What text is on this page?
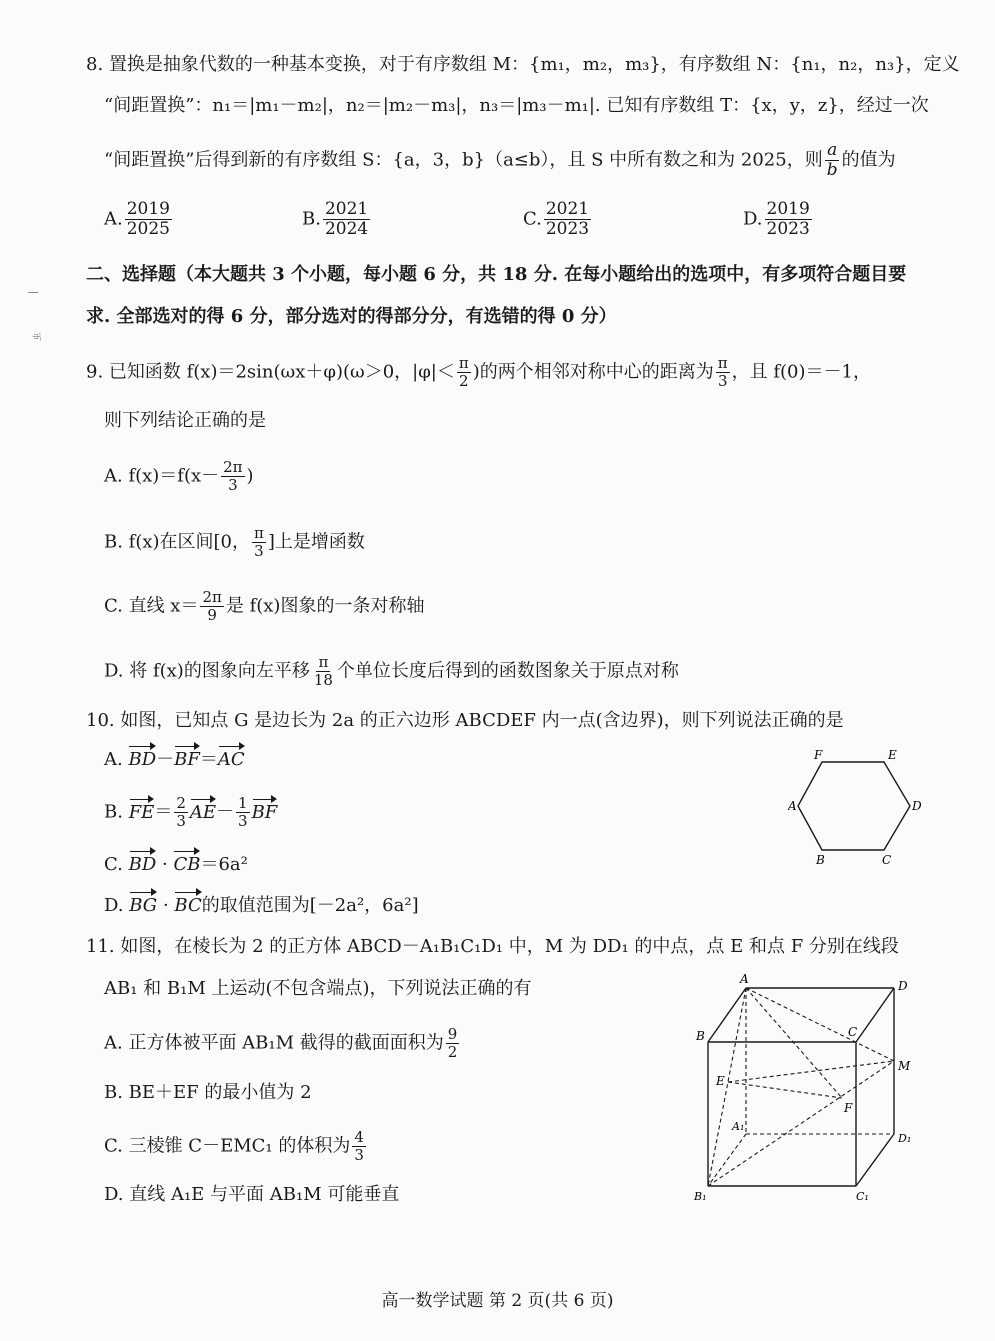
ㄓ
8. 置换是抽象代数的一种基本变换，对于有序数组 M：{m₁，m₂，m₃}，有序数组 N：{n₁，n₂，n₃}，定义
“间距置换”：n₁＝|m₁－m₂|，n₂＝|m₂－m₃|，n₃＝|m₃－m₁|. 已知有序数组 T：{x，y，z}，经过一次
“间距置换”后得到新的有序数组 S：{a，3，b}（a≤b），且 S 中所有数之和为 2025，则 $\frac{a}{b}$ 的值为
A. $\frac{2019}{2025}$	B. $\frac{2021}{2024}$	C. $\frac{2021}{2023}$	D. $\frac{2019}{2023}$
二、选择题（本大题共 3 个小题，每小题 6 分，共 18 分. 在每小题给出的选项中，有多项符合题目要
求. 全部选对的得 6 分，部分选对的得部分分，有选错的得 0 分）
9. 已知函数 f(x)＝2sin(ωx＋φ)(ω＞0，$|\varphi|< \frac{\pi}{2}$ )的两个相邻对称中心的距离为 $\frac{\pi}{3}$ ，且 f(0)＝－1，
则下列结论正确的是
A. $f(x)=f(x- \frac{2\pi}{3}$ )
B. f(x)在区间[0， $\frac{\pi}{3}$ ]上是增函数
C. 直线 $x= \frac{2\pi}{9}$ 是 f(x)图象的一条对称轴
D. 将 f(x)的图象向左平移 $\frac{\pi}{18}$ 个单位长度后得到的函数图象关于原点对称
10. 如图，已知点 G 是边长为 2a 的正六边形 ABCDEF 内一点(含边界)，则下列说法正确的是
A. BD－BF＝AC
B. $FE= \frac{2}{3} AE- \frac{1}{3}$ BF
C. BD · CB＝6a²
D. BG · BC的取值范围为[－2a²，6a²]
F	E
A	D
B	C
11. 如图，在棱长为 2 的正方体 ABCD－A₁B₁C₁D₁ 中，M 为 DD₁ 的中点，点 E 和点 F 分别在线段
AB₁ 和 B₁M 上运动(不包含端点)，下列说法正确的有
A. 正方体被平面 AB₁M 截得的截面面积为 $\frac{9}{2}$
B. BE＋EF 的最小值为 2
C. 三棱锥 C－EMC₁ 的体积为 $\frac{4}{3}$
D. 直线 A₁E 与平面 AB₁M 可能垂直
A	D
B	C
M
E
F
A₁
D₁
B₁	C₁
高一数学试题 第 2 页(共 6 页)
